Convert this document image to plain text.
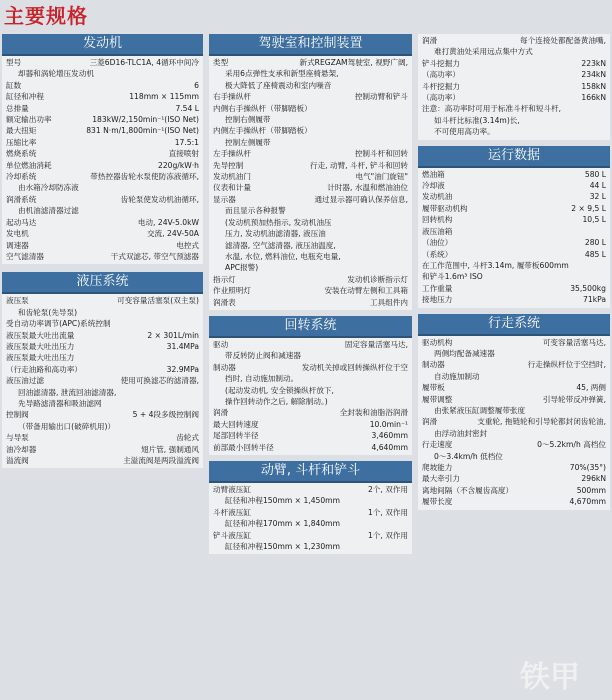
主要规格
发动机
型号	三菱6D16-TLC1A, 4循环中间冷
却器和涡轮增压发动机
缸数	6
缸径和冲程	118mm × 115mm
总排量	7.54 L
额定输出功率	183kW/2,150min⁻¹(ISO Net)
最大扭矩	831 N·m/1,800min⁻¹(ISO Net)
压缩比率	17.5:1
燃烧系统	直接喷射
单位燃油消耗	220g/kW·h
冷却系统	带热控器齿轮水泵使防冻液循环,
由水箱冷却防冻液
润滑系统	齿轮泵使发动机油循环,
由机油滤清器过滤
起动马达	电动, 24V-5.0kW
发电机	交流, 24V-50A
调速器	电控式
空气滤清器	干式双滤芯, 带空气预滤器
液压系统
液压泵	可变容量活塞泵(双主泵)
和齿轮泵(先导泵)
受自动功率调节(APC)系统控制
液压泵最大吐出流量	2 × 301L/min
液压泵最大吐出压力	31.4MPa
液压泵最大吐出压力
（行走油路和高功率）	32.9MPa
液压油过滤	使用可换滤芯的滤清器,
回油滤清器, 泄流回油滤清器,
先导路滤清器和吸油滤网
控制阀	5 + 4段多级控制阀
（带备用输出口(破碎机用)）
与导泵	齿轮式
油冷却器	翅片管, 强制通风
溢流阀	主溢流阀是两段溢流阀
驾驶室和控制装置
类型	新式REGZAM驾驶室, 视野广阔,
采用6点弹性支承和新型座椅悬架,
极大降低了座椅震动和室内噪音
右手操纵杆	控制动臂和铲斗
内侧右手操纵杆（带脚踏板）
控制右侧履带
内侧左手操纵杆（带脚踏板）
控制左侧履带
左手操纵杆	控制斗杆和回转
先导控制	行走, 动臂, 斗杆, 铲斗和回转
发动机油门	电气"油门旋钮"
仪表和计量	计时器, 水温和燃油油位
显示器	通过显示器可确认保养信息,
而且显示各种报警
(发动机预加热指示, 发动机油压
压力, 发动机油滤清器, 液压油
滤清器, 空气滤清器, 液压油温度,
水温, 水位, 燃料油位, 电瓶充电量,
APC报警)
指示灯	发动机诊断指示灯
作业照明灯	安装在动臂左侧和工具箱
润滑表	工具组件内
回转系统
驱动	固定容量活塞马达,
带反转防止阀和减速器
制动器	发动机关掉或回转操纵杆位于空
挡时, 自动施加制动。
(起动发动机, 安全锁操纵杆放下,
操作回转动作之后, 解除制动。)
润滑	全封装和油脂浴润滑
最大回转速度	10.0min⁻¹
尾部回转半径	3,460mm
前部最小回转半径	4,640mm
动臂, 斗杆和铲斗
动臂液压缸	2个, 双作用
缸径和冲程150mm × 1,450mm
斗杆液压缸	1个, 双作用
缸径和冲程170mm × 1,840mm
铲斗液压缸	1个, 双作用
缸径和冲程150mm × 1,230mm
润滑	每个连接处都配备黄油嘴,
难打黄油处采用远点集中方式
铲斗挖掘力	223kN
（高功率）	234kN
斗杆挖掘力	158kN
（高功率）	166kN
注意：高功率时可用于标准斗杆和短斗杆,
如斗杆比标准(3.14m)长,
不可使用高功率。
运行数据
燃油箱	580 L
冷却液	44 L
发动机油	32 L
履带驱动机构	2 × 9,5 L
回转机构	10,5 L
液压油箱
（油位）	280 L
（系统）	485 L
在工作范围中, 斗杆3.14m, 履带板600mm
和铲斗1.6m³ ISO
工作重量	35,500kg
接地压力	71kPa
行走系统
驱动机构	可变容量活塞马达,
两侧均配备减速器
制动器	行走操纵杆位于空挡时,
自动施加制动
履带板	45, 两侧
履带调整	引导轮带反冲弹簧,
由张紧液压缸调整履带张度
润滑	支重轮, 拖链轮和引导轮都封闭齿轮油,
由浮动油封密封
行走速度	0～5.2km/h 高档位
0～3.4km/h 低档位
爬坡能力	70%(35°)
最大牵引力	296kN
离地间隔（不含履齿高度）	500mm
履带长度	4,670mm
铁甲
